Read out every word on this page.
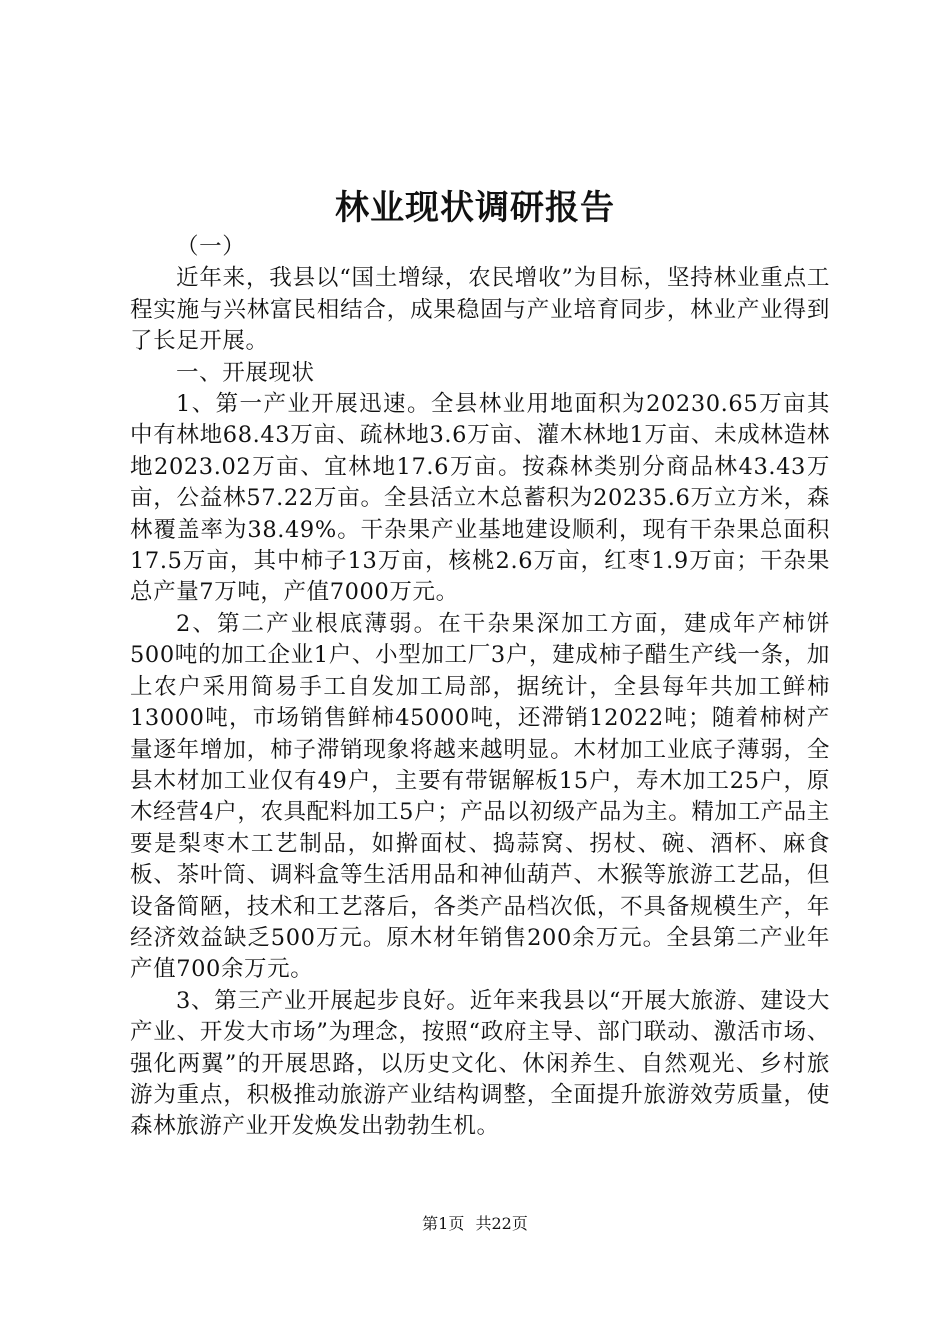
林业现状调研报告

（一）

近年来，我县以“国土增绿，农民增收”为目标，坚持林业重点工程实施与兴林富民相结合，成果稳固与产业培育同步，林业产业得到了长足开展。

一、开展现状

1、第一产业开展迅速。全县林业用地面积为20230.65万亩其中有林地68.43万亩、疏林地3.6万亩、灌木林地1万亩、未成林造林地2023.02万亩、宜林地17.6万亩。按森林类别分商品林43.43万亩，公益林57.22万亩。全县活立木总蓄积为20235.6万立方米，森林覆盖率为38.49%。干杂果产业基地建设顺利，现有干杂果总面积17.5万亩，其中柿子13万亩，核桃2.6万亩，红枣1.9万亩；干杂果总产量7万吨，产值7000万元。

2、第二产业根底薄弱。在干杂果深加工方面，建成年产柿饼500吨的加工企业1户、小型加工厂3户，建成柿子醋生产线一条，加上农户采用简易手工自发加工局部，据统计，全县每年共加工鲜柿13000吨，市场销售鲜柿45000吨，还滞销12022吨；随着柿树产量逐年增加，柿子滞销现象将越来越明显。木材加工业底子薄弱，全县木材加工业仅有49户，主要有带锯解板15户，寿木加工25户，原木经营4户，农具配料加工5户；产品以初级产品为主。精加工产品主要是梨枣木工艺制品，如擀面杖、捣蒜窝、拐杖、碗、酒杯、麻食板、茶叶筒、调料盒等生活用品和神仙葫芦、木猴等旅游工艺品，但设备简陋，技术和工艺落后，各类产品档次低，不具备规模生产，年经济效益缺乏500万元。原木材年销售200余万元。全县第二产业年产值700余万元。

3、第三产业开展起步良好。近年来我县以“开展大旅游、建设大产业、开发大市场”为理念，按照“政府主导、部门联动、激活市场、强化两翼”的开展思路，以历史文化、休闲养生、自然观光、乡村旅游为重点，积极推动旅游产业结构调整，全面提升旅游效劳质量，使森林旅游产业开发焕发出勃勃生机。

第1页 共22页
